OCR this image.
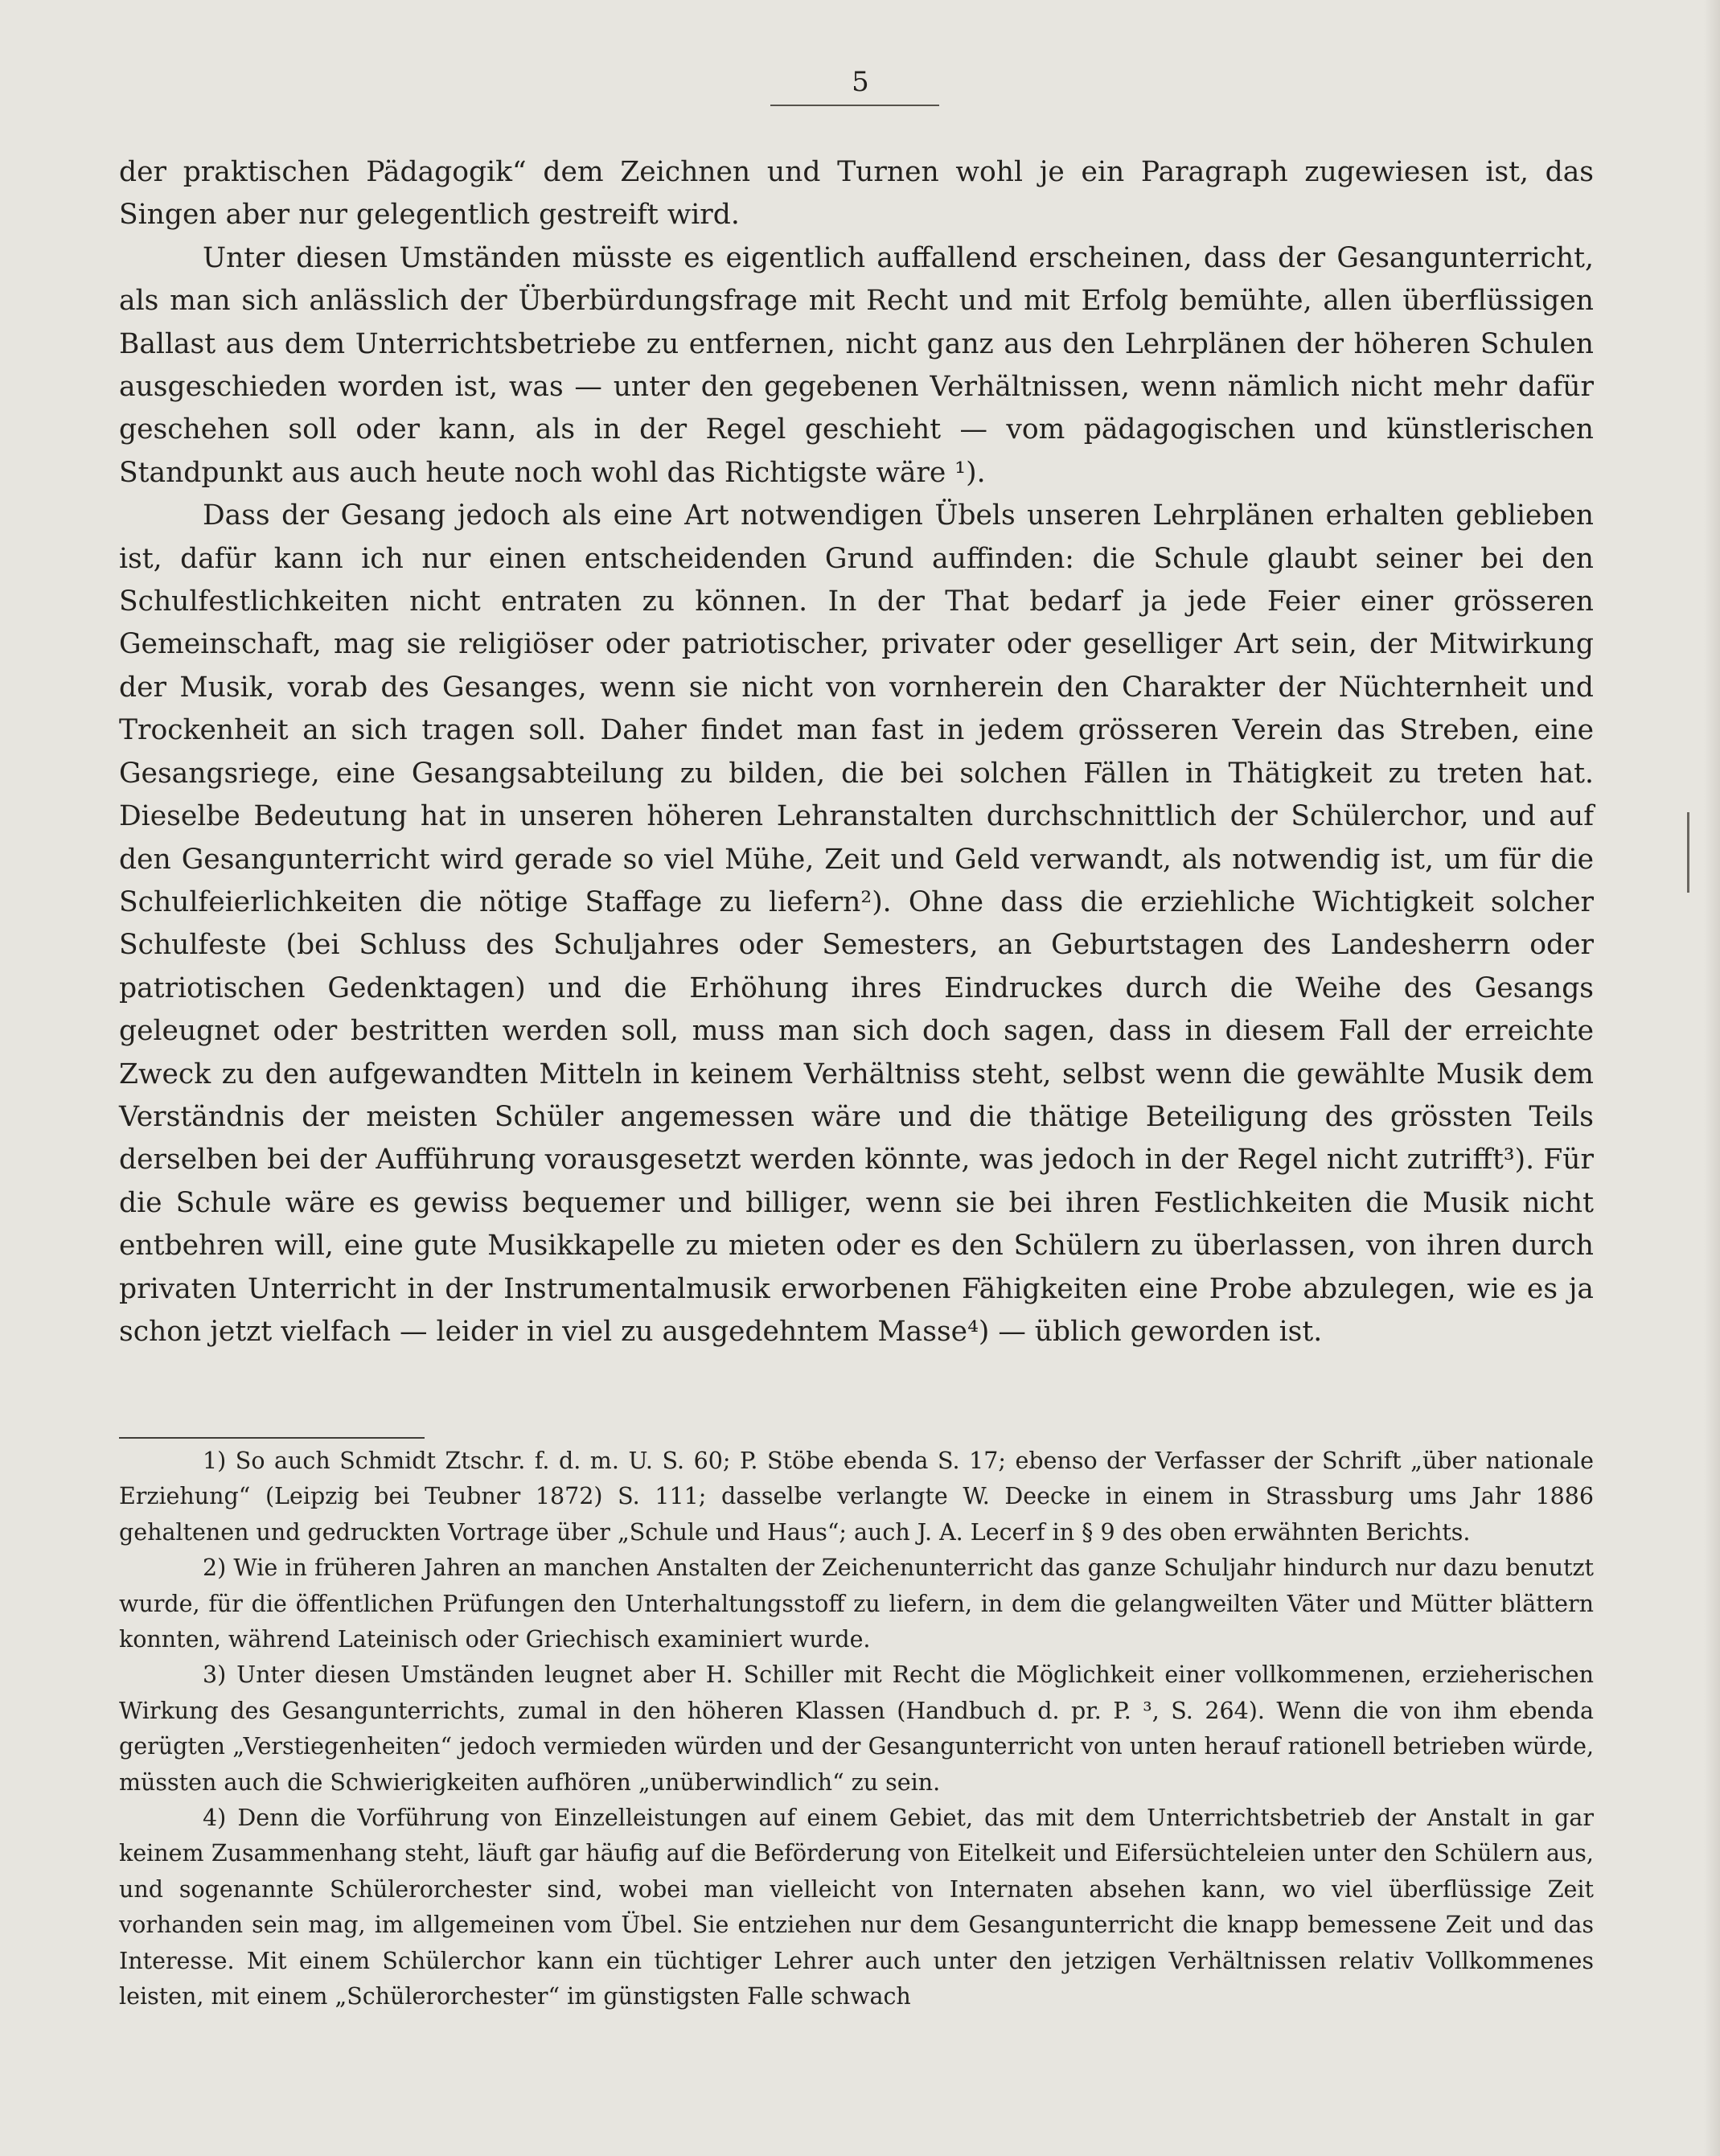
5

der praktischen Pädagogik“ dem Zeichnen und Turnen wohl je ein Paragraph zugewiesen ist, das Singen aber nur gelegentlich gestreift wird.

Unter diesen Umständen müsste es eigentlich auffallend erscheinen, dass der Gesangunterricht, als man sich anlässlich der Überbürdungsfrage mit Recht und mit Erfolg bemühte, allen überflüssigen Ballast aus dem Unterrichtsbetriebe zu entfernen, nicht ganz aus den Lehrplänen der höheren Schulen ausgeschieden worden ist, was — unter den gegebenen Verhältnissen, wenn nämlich nicht mehr dafür geschehen soll oder kann, als in der Regel geschieht — vom pädagogischen und künstlerischen Standpunkt aus auch heute noch wohl das Richtigste wäre ¹).

Dass der Gesang jedoch als eine Art notwendigen Übels unseren Lehrplänen erhalten geblieben ist, dafür kann ich nur einen entscheidenden Grund auffinden: die Schule glaubt seiner bei den Schulfestlichkeiten nicht entraten zu können. In der That bedarf ja jede Feier einer grösseren Gemeinschaft, mag sie religiöser oder patriotischer, privater oder geselliger Art sein, der Mitwirkung der Musik, vorab des Gesanges, wenn sie nicht von vornherein den Charakter der Nüchternheit und Trockenheit an sich tragen soll. Daher findet man fast in jedem grösseren Verein das Streben, eine Gesangsriege, eine Gesangsabteilung zu bilden, die bei solchen Fällen in Thätigkeit zu treten hat. Dieselbe Bedeutung hat in unseren höheren Lehranstalten durchschnittlich der Schülerchor, und auf den Gesangunterricht wird gerade so viel Mühe, Zeit und Geld verwandt, als notwendig ist, um für die Schulfeierlichkeiten die nötige Staffage zu liefern²). Ohne dass die erziehliche Wichtigkeit solcher Schulfeste (bei Schluss des Schuljahres oder Semesters, an Geburtstagen des Landesherrn oder patriotischen Gedenktagen) und die Erhöhung ihres Eindruckes durch die Weihe des Gesangs geleugnet oder bestritten werden soll, muss man sich doch sagen, dass in diesem Fall der erreichte Zweck zu den aufgewandten Mitteln in keinem Verhältniss steht, selbst wenn die gewählte Musik dem Verständnis der meisten Schüler angemessen wäre und die thätige Beteiligung des grössten Teils derselben bei der Aufführung vorausgesetzt werden könnte, was jedoch in der Regel nicht zutrifft³). Für die Schule wäre es gewiss bequemer und billiger, wenn sie bei ihren Festlichkeiten die Musik nicht entbehren will, eine gute Musikkapelle zu mieten oder es den Schülern zu überlassen, von ihren durch privaten Unterricht in der Instrumentalmusik erworbenen Fähigkeiten eine Probe abzulegen, wie es ja schon jetzt vielfach — leider in viel zu ausgedehntem Masse⁴) — üblich geworden ist.

1) So auch Schmidt Ztschr. f. d. m. U. S. 60; P. Stöbe ebenda S. 17; ebenso der Verfasser der Schrift „über nationale Erziehung“ (Leipzig bei Teubner 1872) S. 111; dasselbe verlangte W. Deecke in einem in Strassburg ums Jahr 1886 gehaltenen und gedruckten Vortrage über „Schule und Haus“; auch J. A. Lecerf in § 9 des oben erwähnten Berichts.

2) Wie in früheren Jahren an manchen Anstalten der Zeichenunterricht das ganze Schuljahr hindurch nur dazu benutzt wurde, für die öffentlichen Prüfungen den Unterhaltungsstoff zu liefern, in dem die gelangweilten Väter und Mütter blättern konnten, während Lateinisch oder Griechisch examiniert wurde.

3) Unter diesen Umständen leugnet aber H. Schiller mit Recht die Möglichkeit einer vollkommenen, erzieherischen Wirkung des Gesangunterrichts, zumal in den höheren Klassen (Handbuch d. pr. P. ³, S. 264). Wenn die von ihm ebenda gerügten „Verstiegenheiten“ jedoch vermieden würden und der Gesangunterricht von unten herauf rationell betrieben würde, müssten auch die Schwierigkeiten aufhören „unüberwindlich“ zu sein.

4) Denn die Vorführung von Einzelleistungen auf einem Gebiet, das mit dem Unterrichtsbetrieb der Anstalt in gar keinem Zusammenhang steht, läuft gar häufig auf die Beförderung von Eitelkeit und Eifersüchteleien unter den Schülern aus, und sogenannte Schülerorchester sind, wobei man vielleicht von Internaten absehen kann, wo viel überflüssige Zeit vorhanden sein mag, im allgemeinen vom Übel. Sie entziehen nur dem Gesangunterricht die knapp bemessene Zeit und das Interesse. Mit einem Schülerchor kann ein tüchtiger Lehrer auch unter den jetzigen Verhältnissen relativ Vollkommenes leisten, mit einem „Schülerorchester“ im günstigsten Falle schwach
